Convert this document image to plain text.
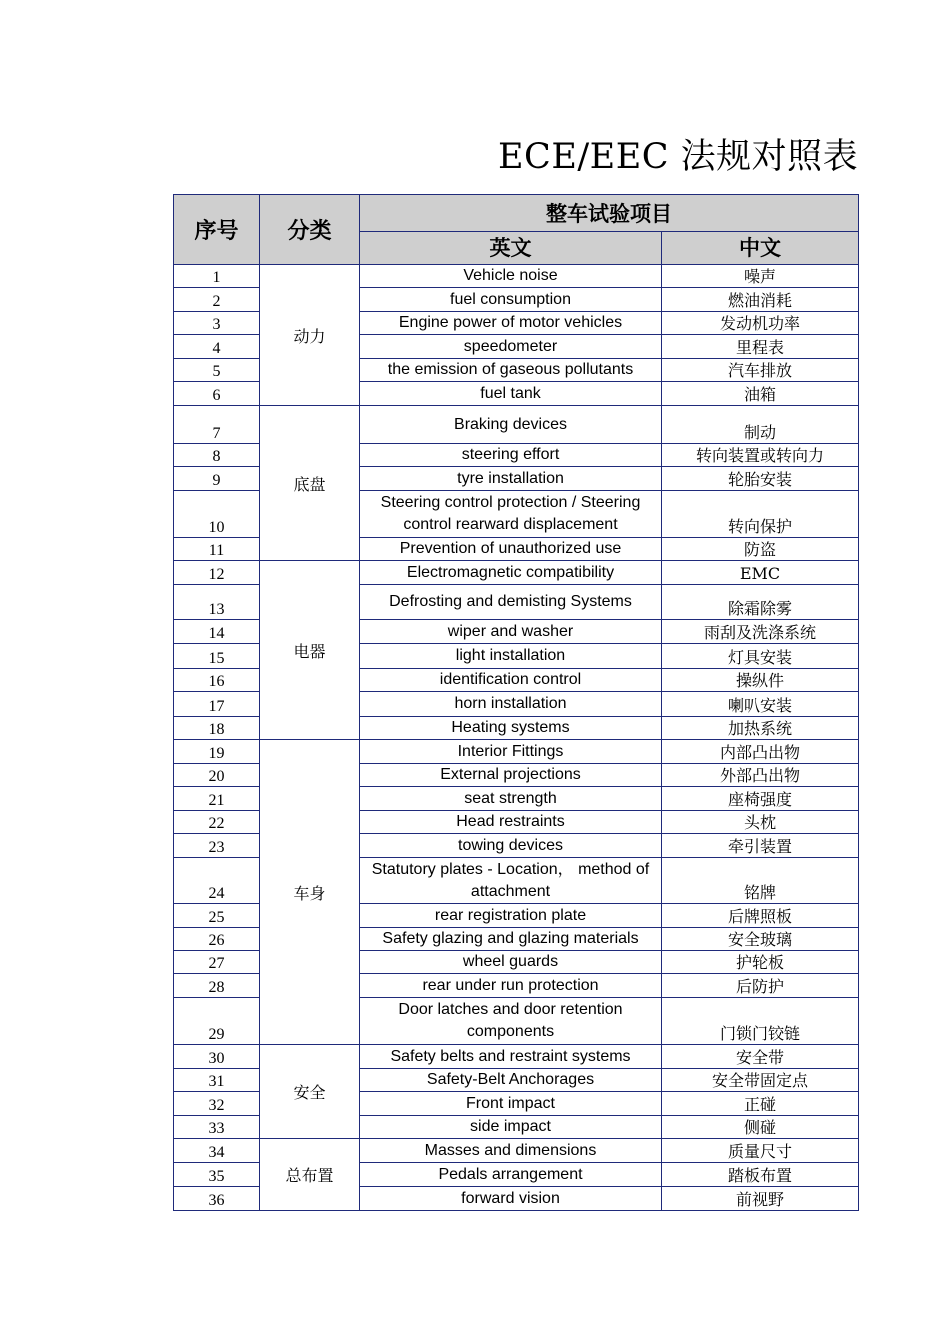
ECE/EEC 法规对照表
序号	分类	整车试验项目	
		英文	中文
1	动力	Vehicle noise	噪声
2		fuel consumption	燃油消耗
3		Engine power of motor vehicles	发动机功率
4		speedometer	里程表
5		the emission of gaseous pollutants	汽车排放
6		fuel tank	油箱
7	底盘	Braking devices	制动
8		steering effort	转向装置或转向力
9		tyre installation	轮胎安装
10		Steering control protection / Steering control rearward displacement	转向保护
11		Prevention of unauthorized use	防盗
12	电器	Electromagnetic compatibility	EMC
13		Defrosting and demisting Systems	除霜除雾
14		wiper and washer	雨刮及洗涤系统
15		light installation	灯具安装
16		identification control	操纵件
17		horn installation	喇叭安装
18		Heating systems	加热系统
19	车身	Interior Fittings	内部凸出物
20		External projections	外部凸出物
21		seat strength	座椅强度
22		Head restraints	头枕
23		towing devices	牵引装置
24		Statutory plates - Location， method of attachment	铭牌
25		rear registration plate	后牌照板
26		Safety glazing and glazing materials	安全玻璃
27		wheel guards	护轮板
28		rear under run protection	后防护
29		Door latches and door retention components	门锁门铰链
30	安全	Safety belts and restraint systems	安全带
31		Safety-Belt Anchorages	安全带固定点
32		Front impact	正碰
33		side impact	侧碰
34	总布置	Masses and dimensions	质量尺寸
35		Pedals arrangement	踏板布置
36		forward vision	前视野
